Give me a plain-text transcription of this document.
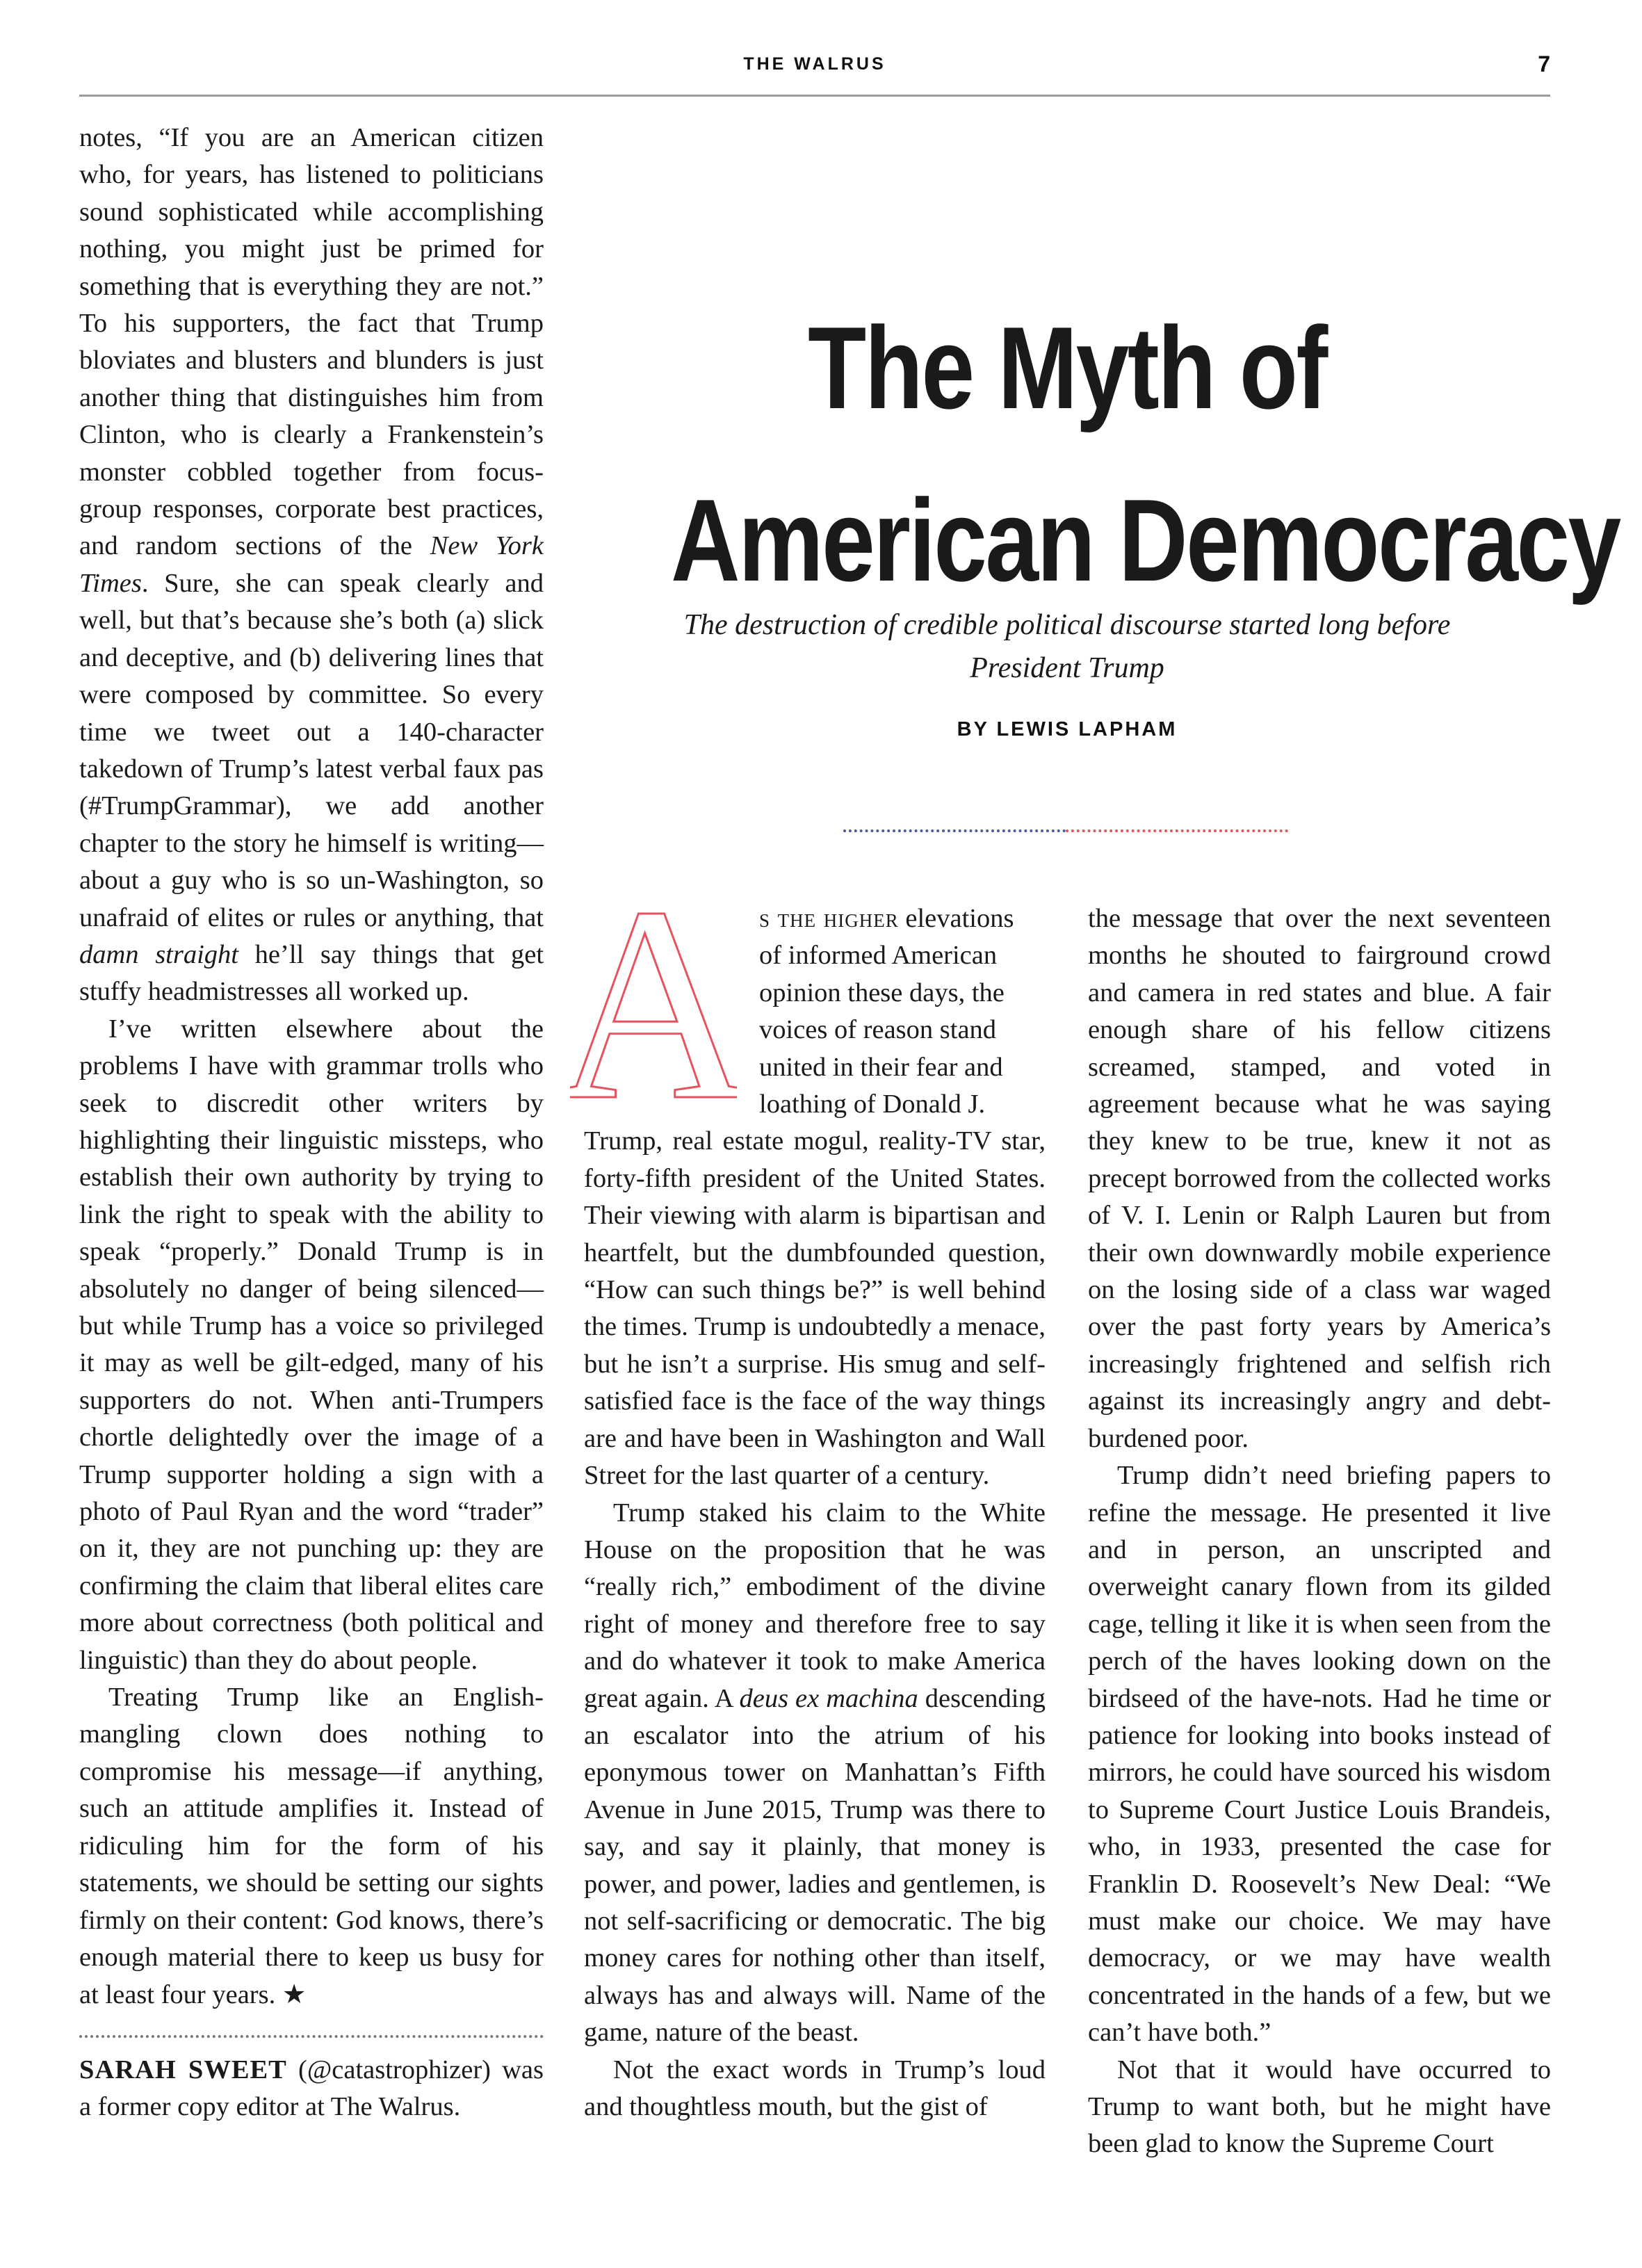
THE WALRUS	7

notes, “If you are an American citizen who, for years, has listened to politicians sound sophisticated while accomplishing nothing, you might just be primed for something that is everything they are not.” To his supporters, the fact that Trump bloviates and blusters and blunders is just another thing that distinguishes him from Clinton, who is clearly a Frankenstein’s monster cobbled together from focus-group responses, corporate best practices, and random sections of the New York Times. Sure, she can speak clearly and well, but that’s because she’s both (a) slick and deceptive, and (b) delivering lines that were composed by committee. So every time we tweet out a 140-character takedown of Trump’s latest verbal faux pas (#TrumpGrammar), we add another chapter to the story he himself is writing—about a guy who is so un-Washington, so unafraid of elites or rules or anything, that damn straight he’ll say things that get stuffy headmistresses all worked up.

I’ve written elsewhere about the problems I have with grammar trolls who seek to discredit other writers by highlighting their linguistic missteps, who establish their own authority by trying to link the right to speak with the ability to speak “properly.” Donald Trump is in absolutely no danger of being silenced—but while Trump has a voice so privileged it may as well be gilt-edged, many of his supporters do not. When anti-Trumpers chortle delightedly over the image of a Trump supporter holding a sign with a photo of Paul Ryan and the word “trader” on it, they are not punching up: they are confirming the claim that liberal elites care more about correctness (both political and linguistic) than they do about people.

Treating Trump like an English-mangling clown does nothing to compromise his message—if anything, such an attitude amplifies it. Instead of ridiculing him for the form of his statements, we should be setting our sights firmly on their content: God knows, there’s enough material there to keep us busy for at least four years. ★

SARAH SWEET (@catastrophizer) was a former copy editor at The Walrus.

The Myth of
American Democracy
The destruction of credible political discourse started long before President Trump
BY LEWIS LAPHAM
A s the higher elevations
of informed American
opinion these days, the
voices of reason stand
united in their fear and
loathing of Donald J.
Trump, real estate mogul, reality-TV star, forty-fifth president of the United States. Their viewing with alarm is bipartisan and heartfelt, but the dumbfounded question, “How can such things be?” is well behind the times. Trump is undoubtedly a menace, but he isn’t a surprise. His smug and self-satisfied face is the face of the way things are and have been in Washington and Wall Street for the last quarter of a century.

Trump staked his claim to the White House on the proposition that he was “really rich,” embodiment of the divine right of money and therefore free to say and do whatever it took to make America great again. A deus ex machina descending an escalator into the atrium of his eponymous tower on Manhattan’s Fifth Avenue in June 2015, Trump was there to say, and say it plainly, that money is power, and power, ladies and gentlemen, is not self-sacrificing or democratic. The big money cares for nothing other than itself, always has and always will. Name of the game, nature of the beast.

Not the exact words in Trump’s loud and thoughtless mouth, but the gist of

the message that over the next seventeen months he shouted to fairground crowd and camera in red states and blue. A fair enough share of his fellow citizens screamed, stamped, and voted in agreement because what he was saying they knew to be true, knew it not as precept borrowed from the collected works of V. I. Lenin or Ralph Lauren but from their own downwardly mobile experience on the losing side of a class war waged over the past forty years by America’s increasingly frightened and selfish rich against its increasingly angry and debt-burdened poor.

Trump didn’t need briefing papers to refine the message. He presented it live and in person, an unscripted and overweight canary flown from its gilded cage, telling it like it is when seen from the perch of the haves looking down on the birdseed of the have-nots. Had he time or patience for looking into books instead of mirrors, he could have sourced his wisdom to Supreme Court Justice Louis Brandeis, who, in 1933, presented the case for Franklin D. Roosevelt’s New Deal: “We must make our choice. We may have democracy, or we may have wealth concentrated in the hands of a few, but we can’t have both.”

Not that it would have occurred to Trump to want both, but he might have been glad to know the Supreme Court
